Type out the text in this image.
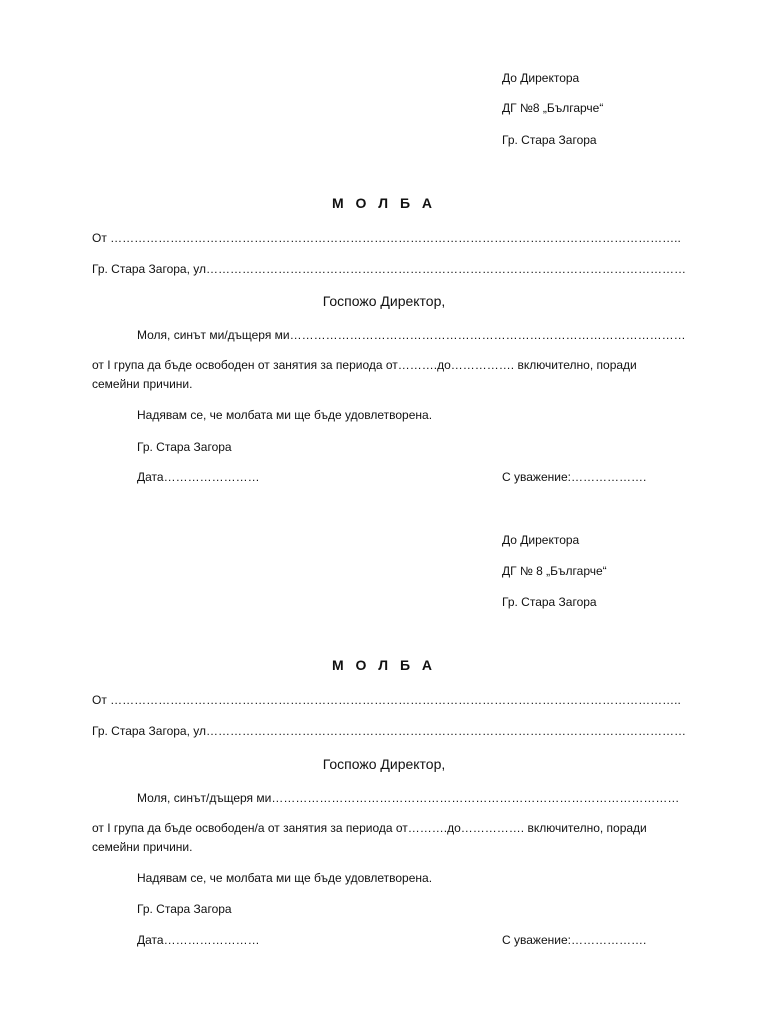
До Директора
ДГ №8 „Българче“
Гр. Стара Загора
М О Л Б А
От ……………………………………………………………………………………………………………………………..
Гр. Стара Загора, ул…………………………………………………………………………………………………………
Госпожо Директор,
Моля, синът ми/дъщеря ми………………………………………………………………………………………
от І група да бъде освободен от занятия за периода от……….до……………. включително, поради семейни причини.
Надявам се, че молбата ми ще бъде удовлетворена.
Гр. Стара Загора
Дата……………………	С уважение:……………….
До Директора
ДГ № 8 „Българче“
Гр. Стара Загора
М О Л Б А
От ……………………………………………………………………………………………………………………………..
Гр. Стара Загора, ул…………………………………………………………………………………………………………
Госпожо Директор,
Моля, синът/дъщеря ми…………………………………………………………………………………………
от І група да бъде освободен/а от занятия за периода от……….до……………. включително, поради семейни причини.
Надявам се, че молбата ми ще бъде удовлетворена.
Гр. Стара Загора
Дата……………………	С уважение:……………….
